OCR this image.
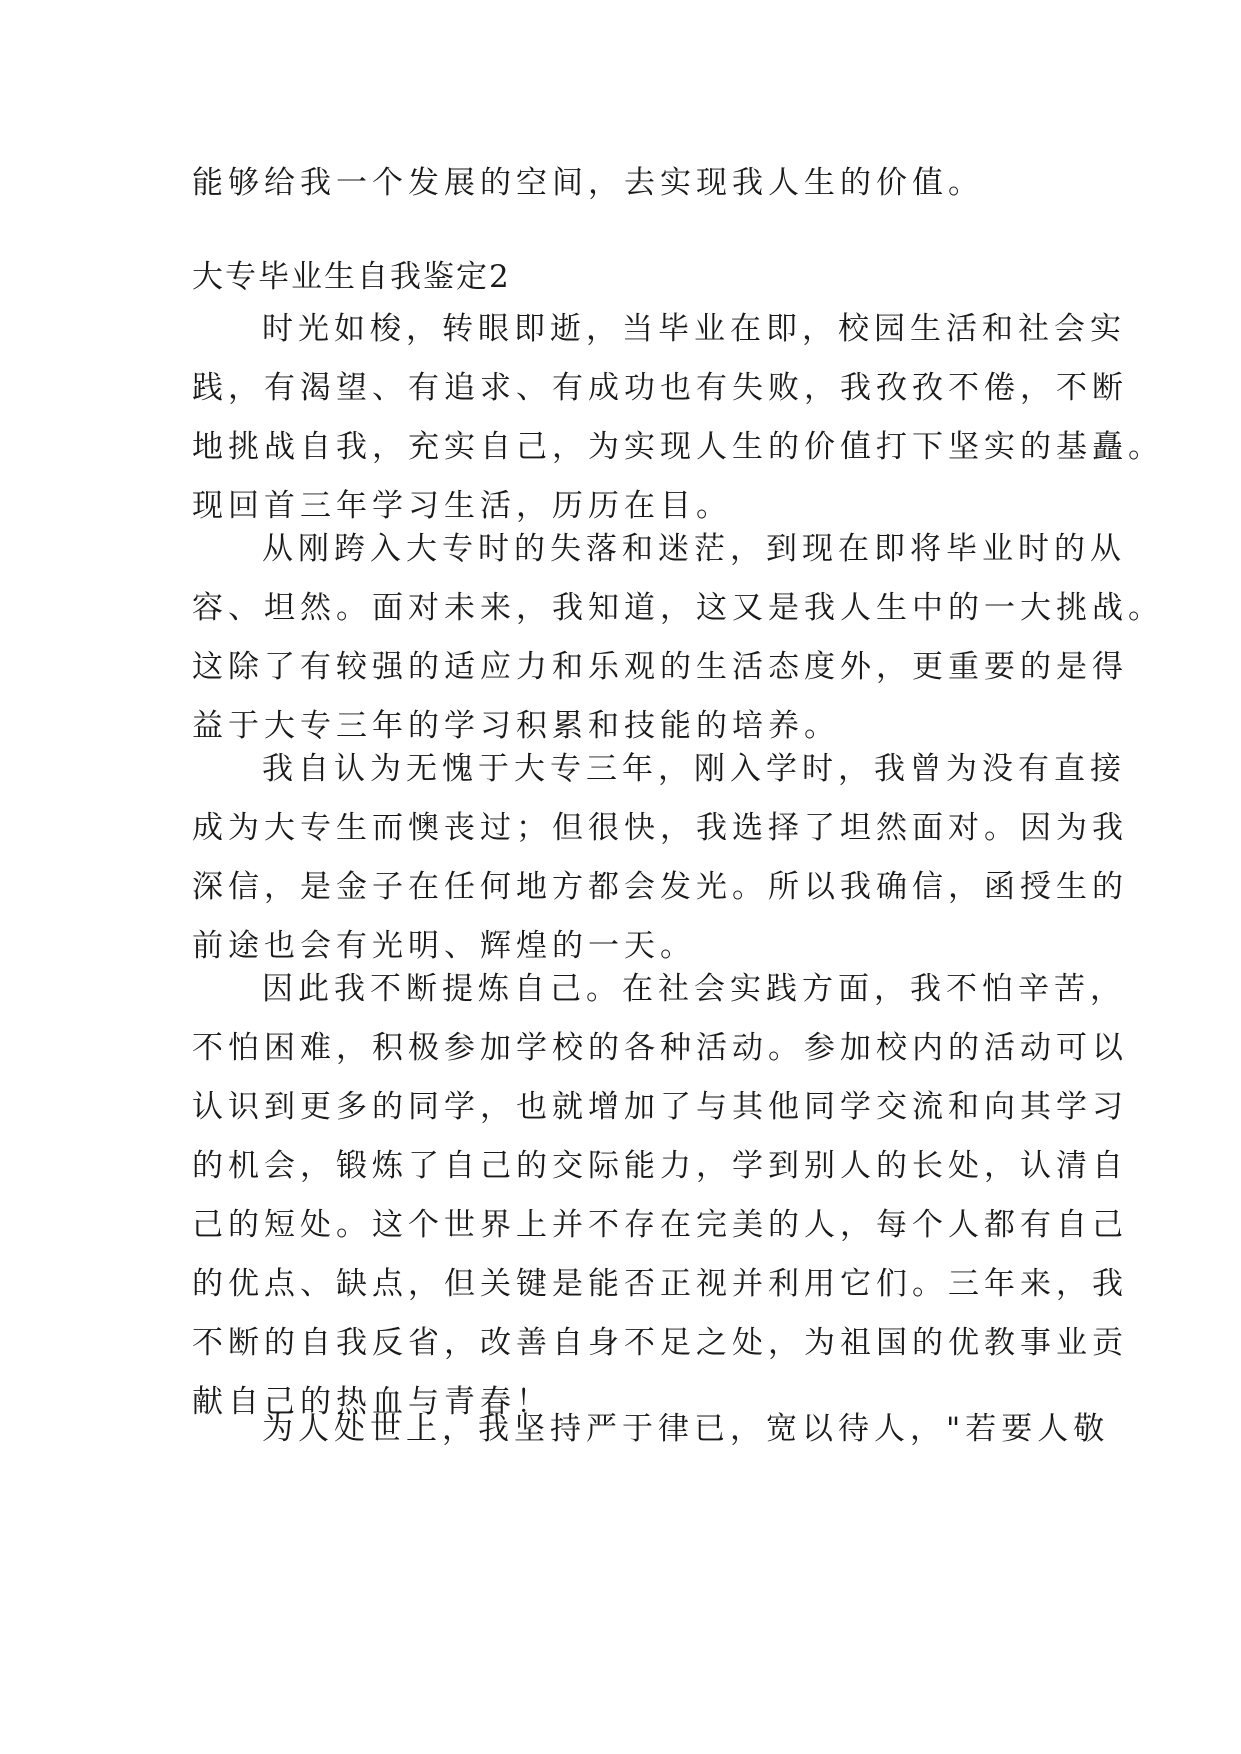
能够给我一个发展的空间，去实现我人生的价值。
大专毕业生自我鉴定2
时光如梭，转眼即逝，当毕业在即，校园生活和社会实
践，有渴望、有追求、有成功也有失败，我孜孜不倦，不断
地挑战自我，充实自己，为实现人生的价值打下坚实的基矗。
现回首三年学习生活，历历在目。
从刚跨入大专时的失落和迷茫，到现在即将毕业时的从
容、坦然。面对未来，我知道，这又是我人生中的一大挑战。
这除了有较强的适应力和乐观的生活态度外，更重要的是得
益于大专三年的学习积累和技能的培养。
我自认为无愧于大专三年，刚入学时，我曾为没有直接
成为大专生而懊丧过；但很快，我选择了坦然面对。因为我
深信，是金子在任何地方都会发光。所以我确信，函授生的
前途也会有光明、辉煌的一天。
因此我不断提炼自己。在社会实践方面，我不怕辛苦，
不怕困难，积极参加学校的各种活动。参加校内的活动可以
认识到更多的同学，也就增加了与其他同学交流和向其学习
的机会，锻炼了自己的交际能力，学到别人的长处，认清自
己的短处。这个世界上并不存在完美的人，每个人都有自己
的优点、缺点，但关键是能否正视并利用它们。三年来，我
不断的自我反省，改善自身不足之处，为祖国的优教事业贡
献自己的热血与青春！
为人处世上，我坚持严于律已，宽以待人，"若要人敬
